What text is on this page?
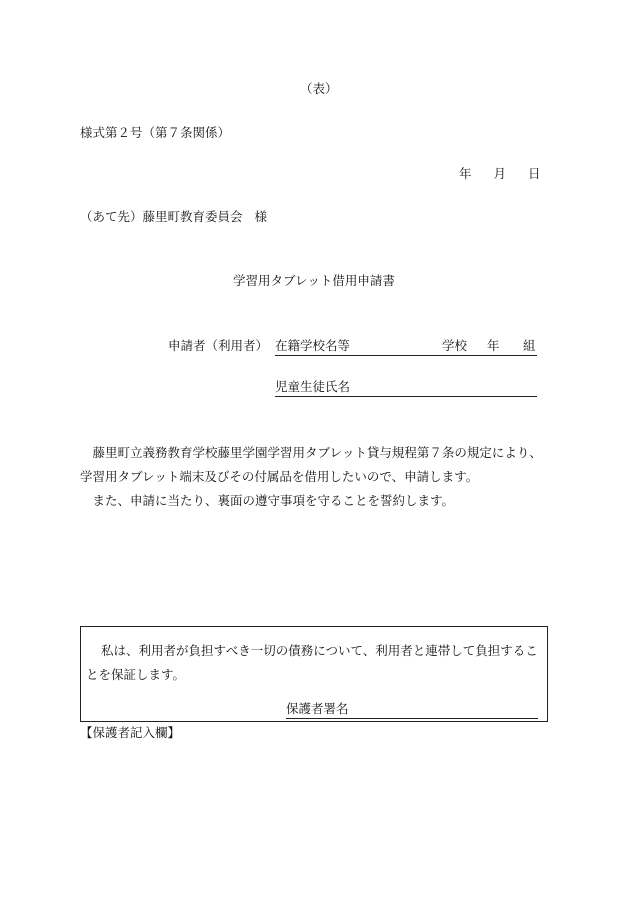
（表）
様式第２号（第７条関係）
年 月 日
（あて先）藤里町教育委員会 様
学習用タブレット借用申請書
申請者（利用者） 在籍学校名等	学校 年 組
児童生徒氏名

藤里町立義務教育学校藤里学園学習用タブレット貸与規程第７条の規定により、学習用タブレット端末及びその付属品を借用したいので、申請します。

また、申請に当たり、裏面の遵守事項を守ることを誓約します。

私は、利用者が負担すべき一切の債務について、利用者と連帯して負担することを保証します。

保護者署名
【保護者記入欄】
